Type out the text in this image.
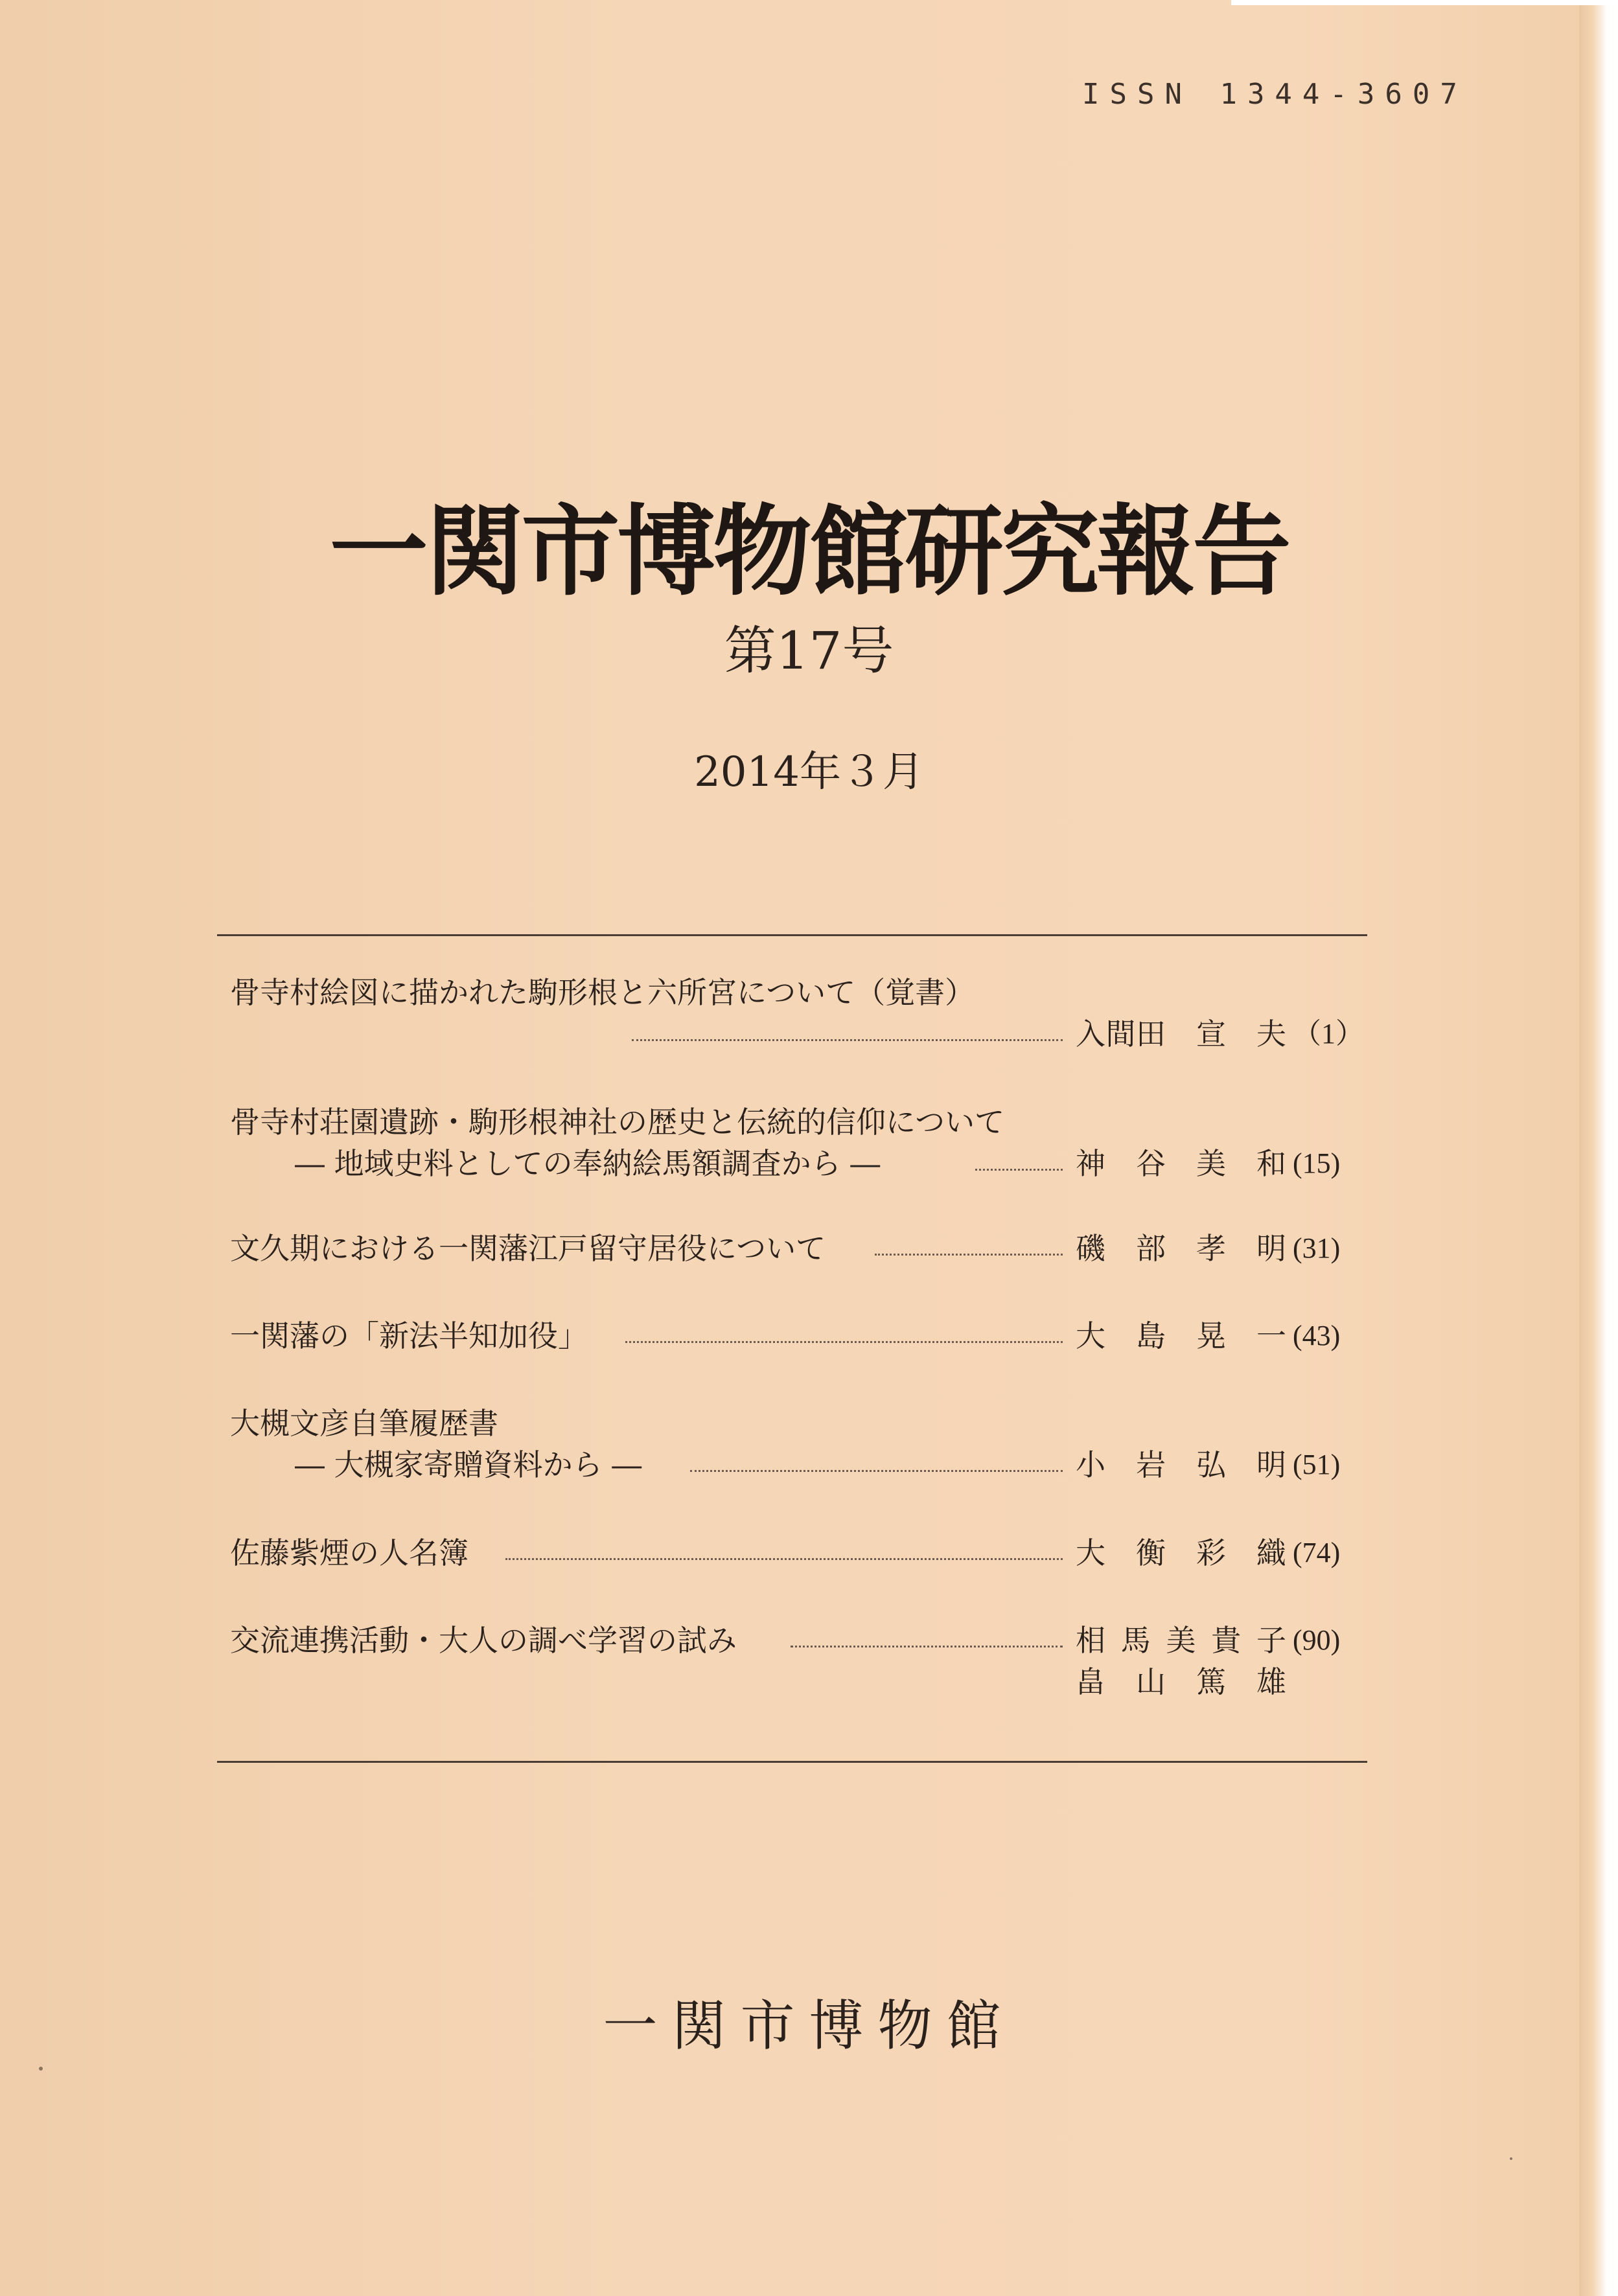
ISSN 1344-3607
一関市博物館研究報告
第17号
2014年３月
骨寺村絵図に描かれた駒形根と六所宮について（覚書）
入間田　宣　夫 （1）
骨寺村荘園遺跡・駒形根神社の歴史と伝統的信仰について
― 地域史料としての奉納絵馬額調査から ―	神　谷　美　和 (15)
文久期における一関藩江戸留守居役について	磯　部　孝　明 (31)
一関藩の「新法半知加役」	大　島　晃　一 (43)
大槻文彦自筆履歴書
― 大槻家寄贈資料から ―	小　岩　弘　明 (51)
佐藤紫煙の人名簿	大　衡　彩　織 (74)
交流連携活動・大人の調べ学習の試み	相馬美貴子 (90)
畠　山　篤　雄
一関市博物館
